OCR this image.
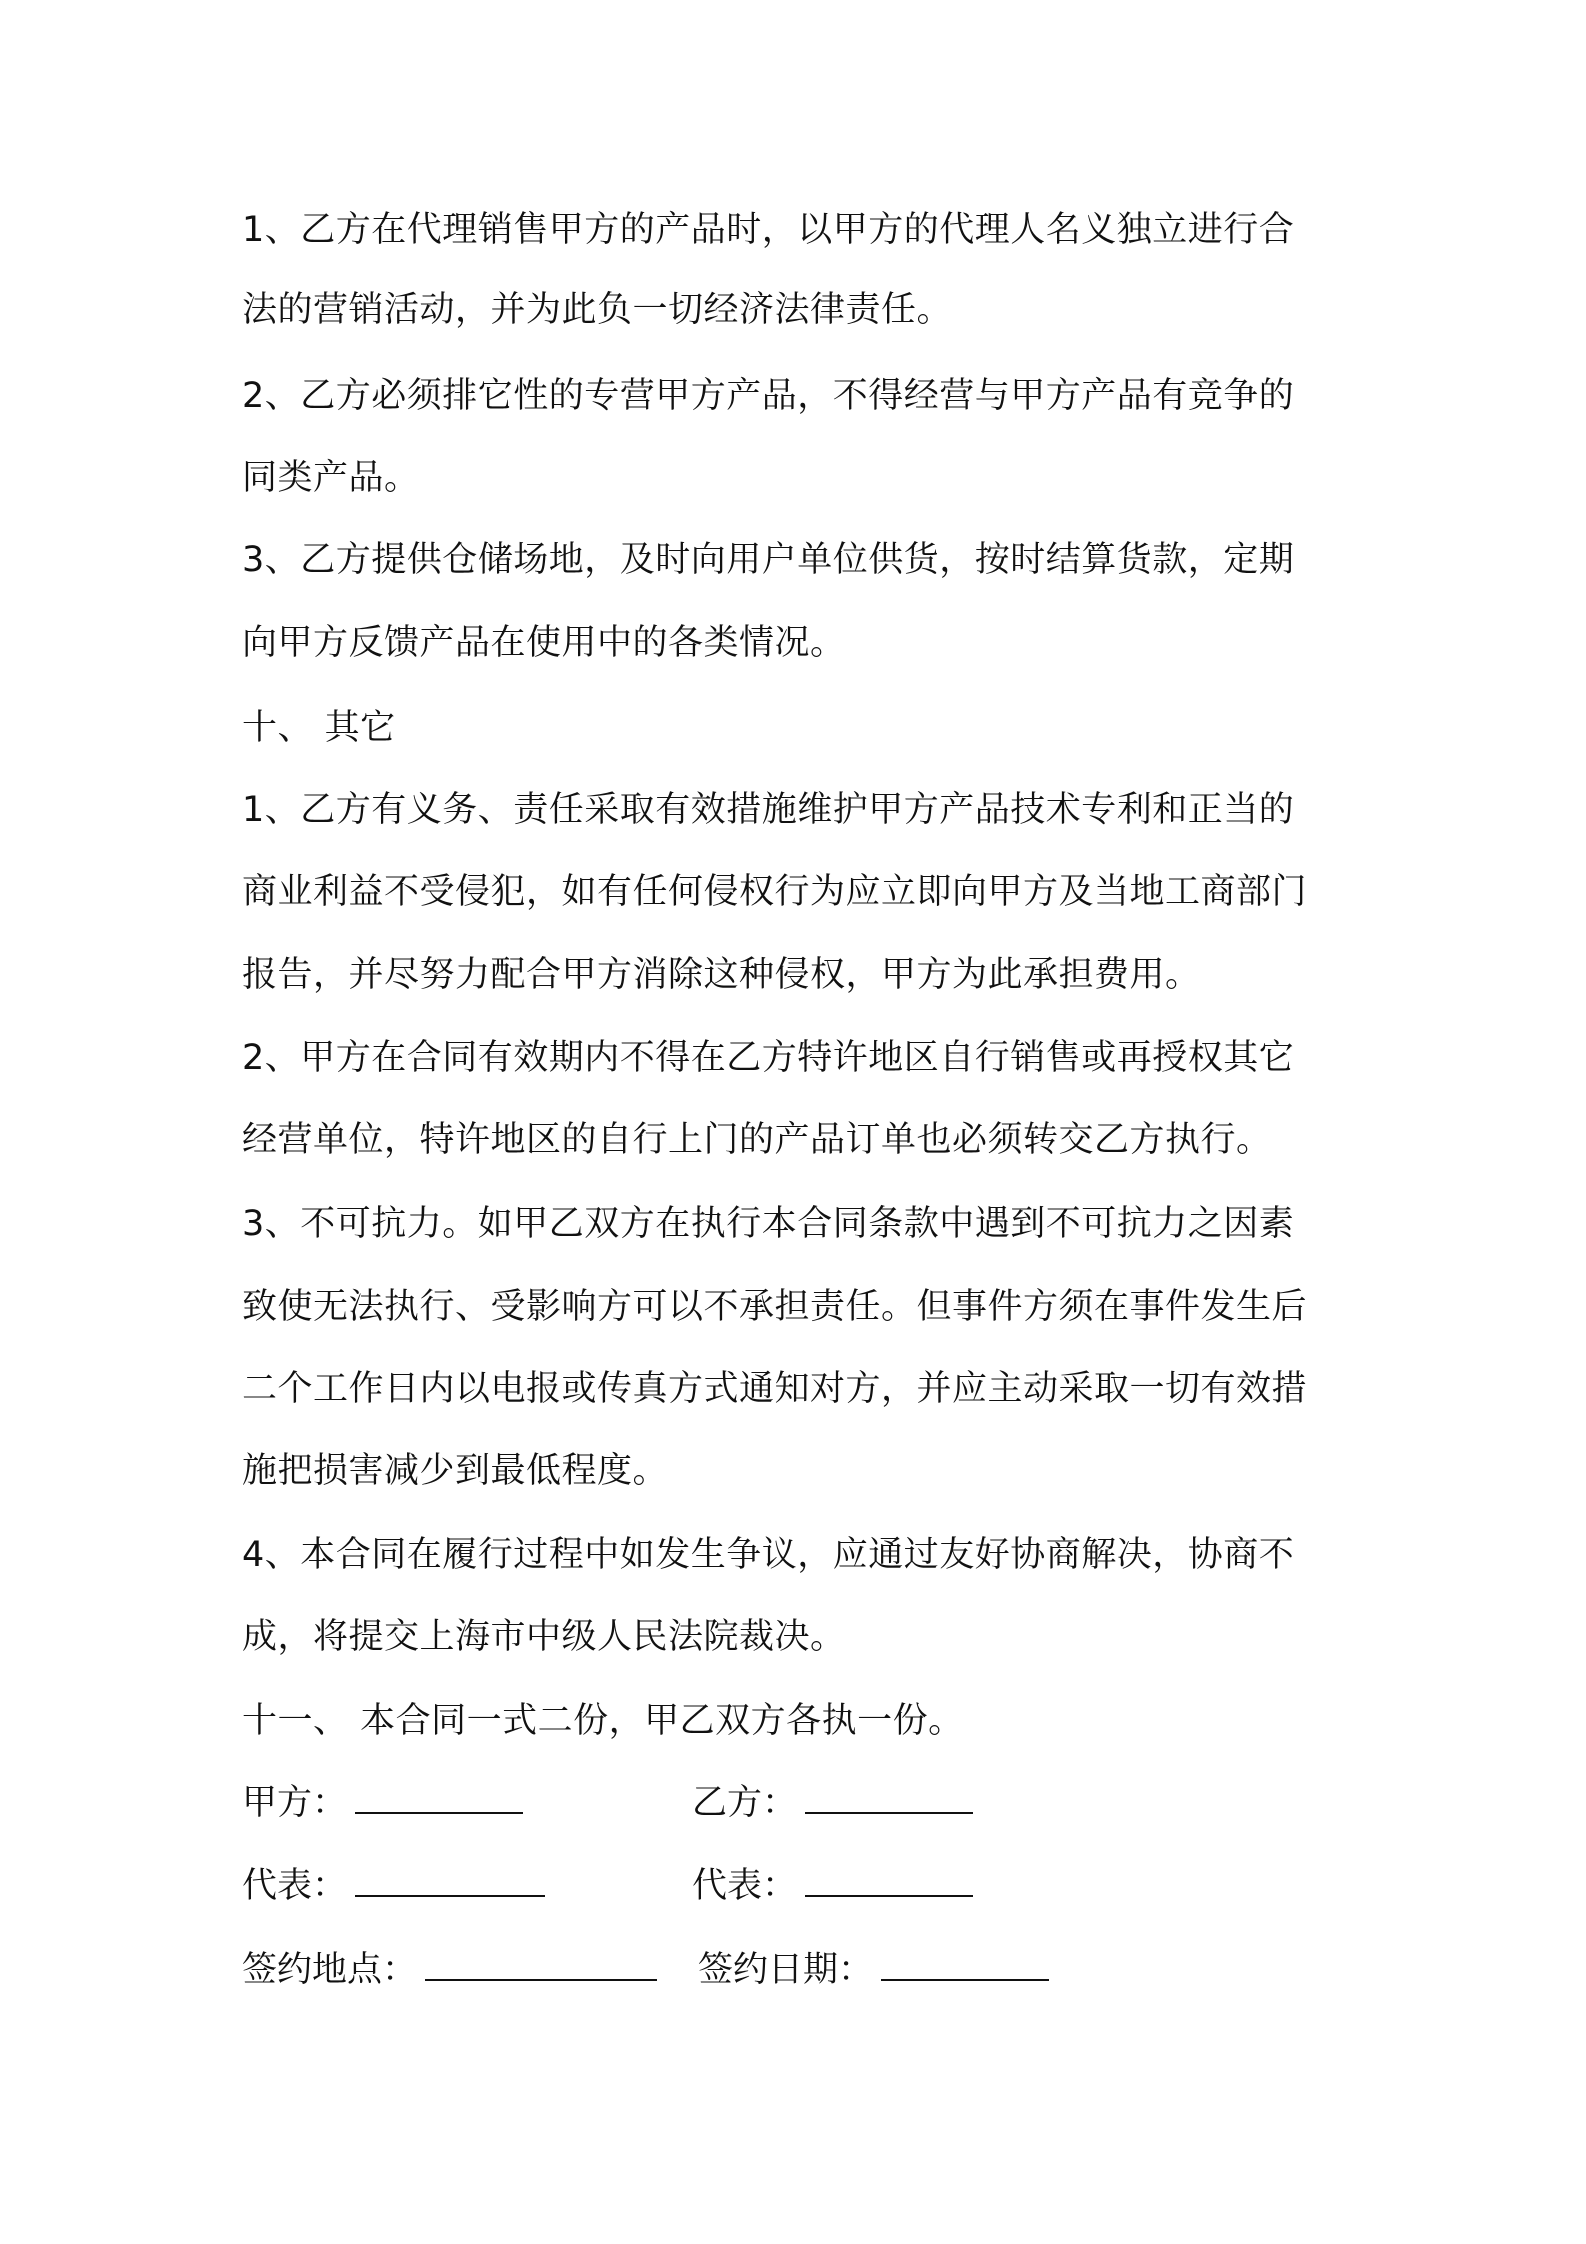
1、乙方在代理销售甲方的产品时，以甲方的代理人名义独立进行合
法的营销活动，并为此负一切经济法律责任。
2、乙方必须排它性的专营甲方产品，不得经营与甲方产品有竞争的
同类产品。
3、乙方提供仓储场地，及时向用户单位供货，按时结算货款，定期
向甲方反馈产品在使用中的各类情况。
十、 其它
1、乙方有义务、责任采取有效措施维护甲方产品技术专利和正当的
商业利益不受侵犯，如有任何侵权行为应立即向甲方及当地工商部门
报告，并尽努力配合甲方消除这种侵权，甲方为此承担费用。
2、甲方在合同有效期内不得在乙方特许地区自行销售或再授权其它
经营单位，特许地区的自行上门的产品订单也必须转交乙方执行。
3、不可抗力。如甲乙双方在执行本合同条款中遇到不可抗力之因素
致使无法执行、受影响方可以不承担责任。但事件方须在事件发生后
二个工作日内以电报或传真方式通知对方，并应主动采取一切有效措
施把损害减少到最低程度。
4、本合同在履行过程中如发生争议，应通过友好协商解决，协商不
成，将提交上海市中级人民法院裁决。
十一、 本合同一式二份，甲乙双方各执一份。
甲方：	乙方：
代表：	代表：
签约地点：	签约日期：
